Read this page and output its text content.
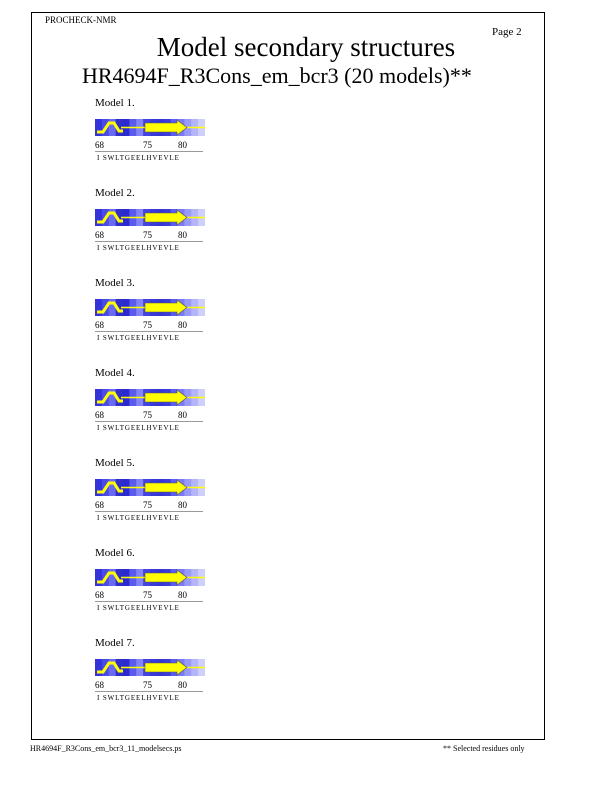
PROCHECK-NMR
Page 2
Model secondary structures
HR4694F_R3Cons_em_bcr3 (20 models)**
Model 1.
68	75	80
I SWLTGEELHVEVLE
Model 2.
68	75	80
I SWLTGEELHVEVLE
Model 3.
68	75	80
I SWLTGEELHVEVLE
Model 4.
68	75	80
I SWLTGEELHVEVLE
Model 5.
68	75	80
I SWLTGEELHVEVLE
Model 6.
68	75	80
I SWLTGEELHVEVLE
Model 7.
68	75	80
I SWLTGEELHVEVLE
HR4694F_R3Cons_em_bcr3_11_modelsecs.ps	** Selected residues only
